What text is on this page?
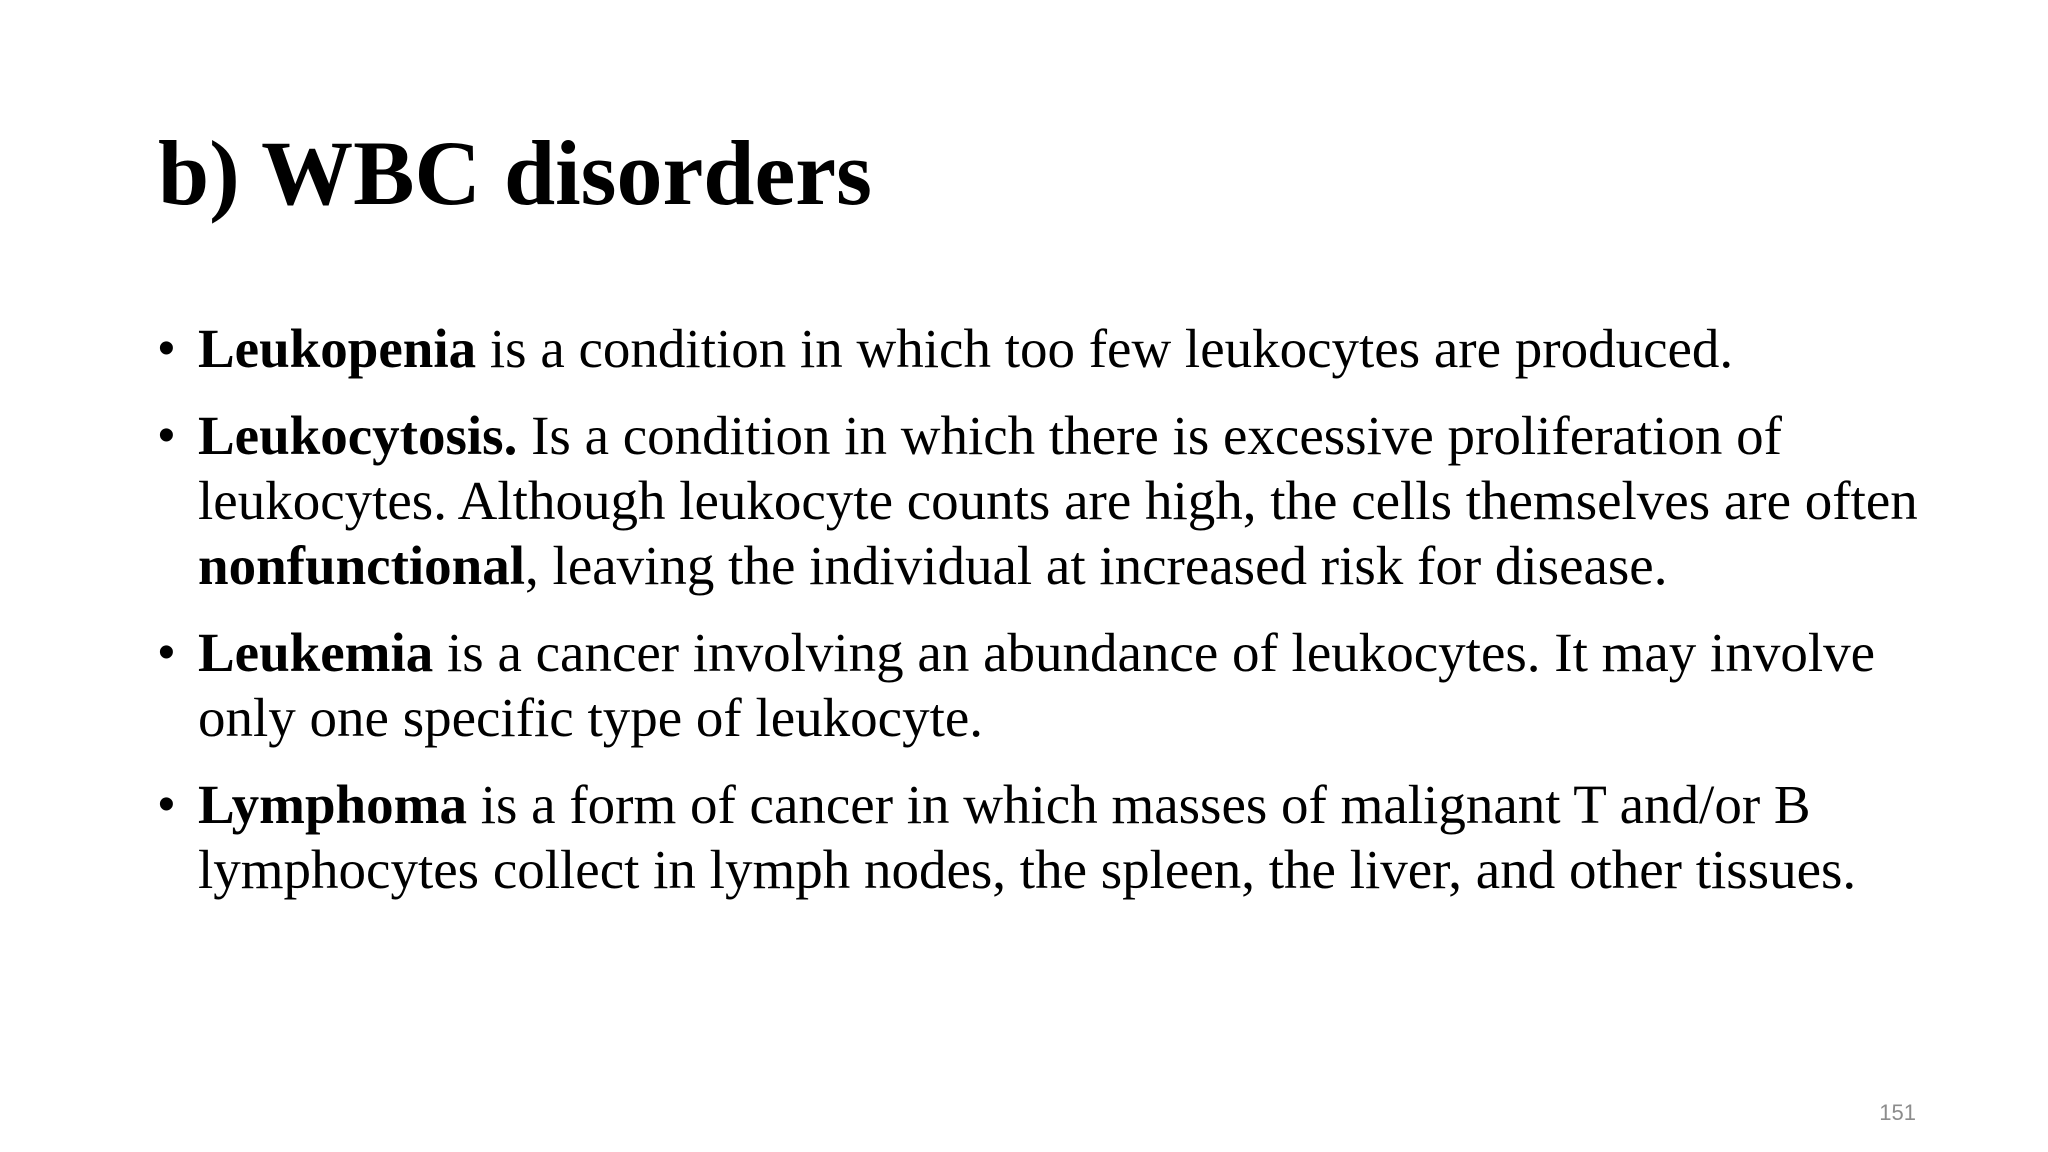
b) WBC disorders
• Leukopenia is a condition in which too few leukocytes are produced.
• Leukocytosis. Is a condition in which there is excessive proliferation of leukocytes. Although leukocyte counts are high, the cells themselves are often nonfunctional, leaving the individual at increased risk for disease.
• Leukemia is a cancer involving an abundance of leukocytes. It may involve only one specific type of leukocyte.
• Lymphoma is a form of cancer in which masses of malignant T and/or B lymphocytes collect in lymph nodes, the spleen, the liver, and other tissues.
151
